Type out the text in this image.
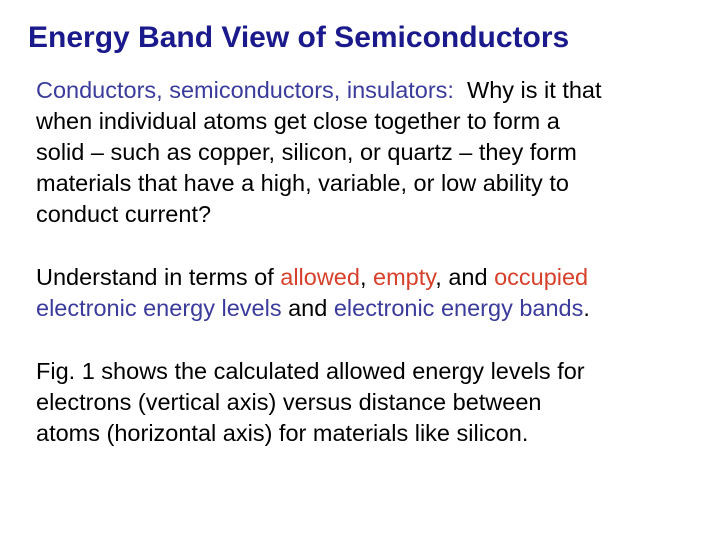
Energy Band View of Semiconductors
Conductors, semiconductors, insulators:  Why is it that
when individual atoms get close together to form a
solid – such as copper, silicon, or quartz – they form
materials that have a high, variable, or low ability to
conduct current?
Understand in terms of allowed, empty, and occupied
electronic energy levels and electronic energy bands.
Fig. 1 shows the calculated allowed energy levels for
electrons (vertical axis) versus distance between
atoms (horizontal axis) for materials like silicon.
